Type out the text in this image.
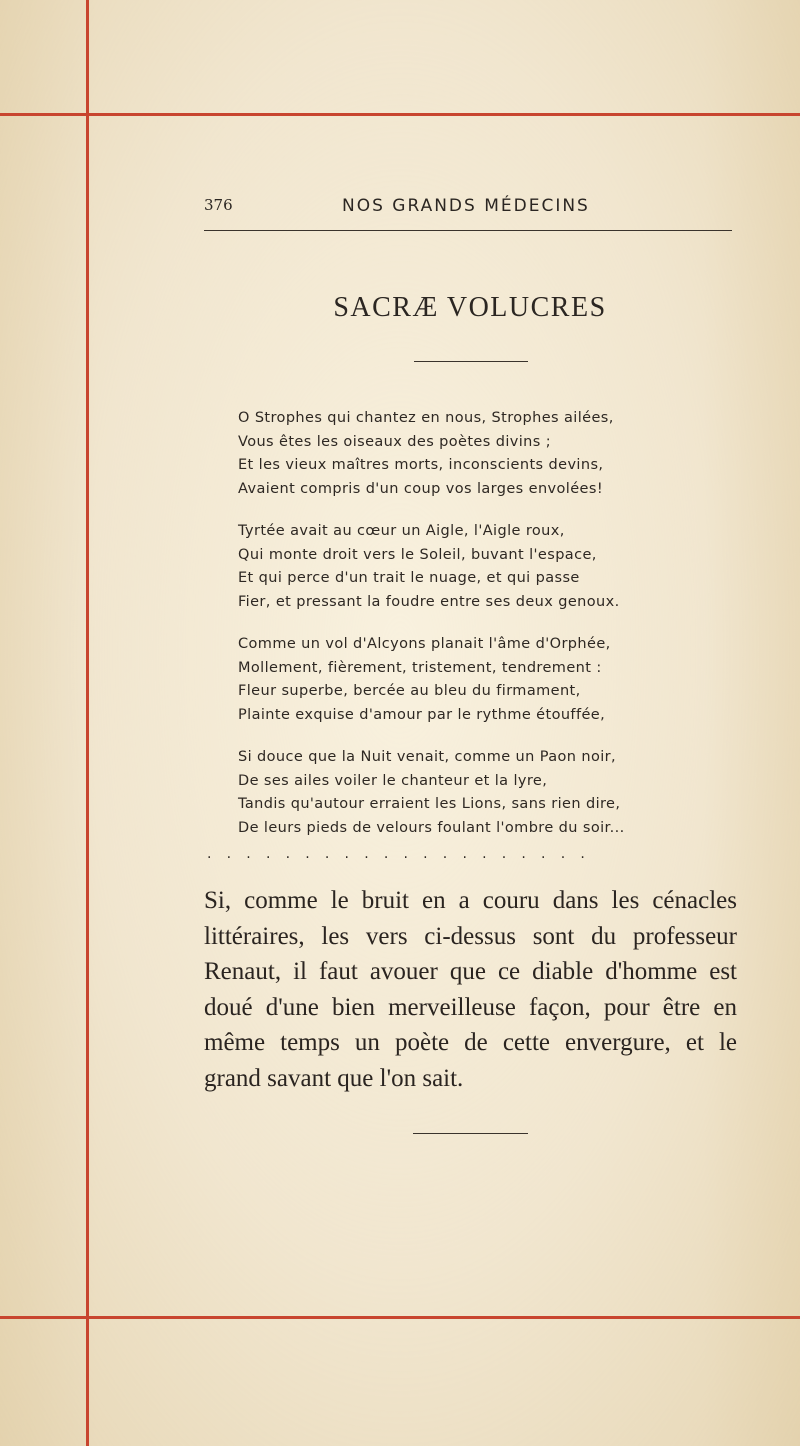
376	NOS GRANDS MÉDECINS
SACRÆ VOLUCRES
O Strophes qui chantez en nous, Strophes ailées,
Vous êtes les oiseaux des poètes divins ;
Et les vieux maîtres morts, inconscients devins,
Avaient compris d'un coup vos larges envolées!
Tyrtée avait au cœur un Aigle, l'Aigle roux,
Qui monte droit vers le Soleil, buvant l'espace,
Et qui perce d'un trait le nuage, et qui passe
Fier, et pressant la foudre entre ses deux genoux.
Comme un vol d'Alcyons planait l'âme d'Orphée,
Mollement, fièrement, tristement, tendrement :
Fleur superbe, bercée au bleu du firmament,
Plainte exquise d'amour par le rythme étouffée,
Si douce que la Nuit venait, comme un Paon noir,
De ses ailes voiler le chanteur et la lyre,
Tandis qu'autour erraient les Lions, sans rien dire,
De leurs pieds de velours foulant l'ombre du soir...
....................
Si, comme le bruit en a couru dans les cénacles
littéraires, les vers ci-dessus sont du professeur
Renaut, il faut avouer que ce diable d'homme est
doué d'une bien merveilleuse façon, pour être en
même temps un poète de cette envergure, et le
grand savant que l'on sait.
